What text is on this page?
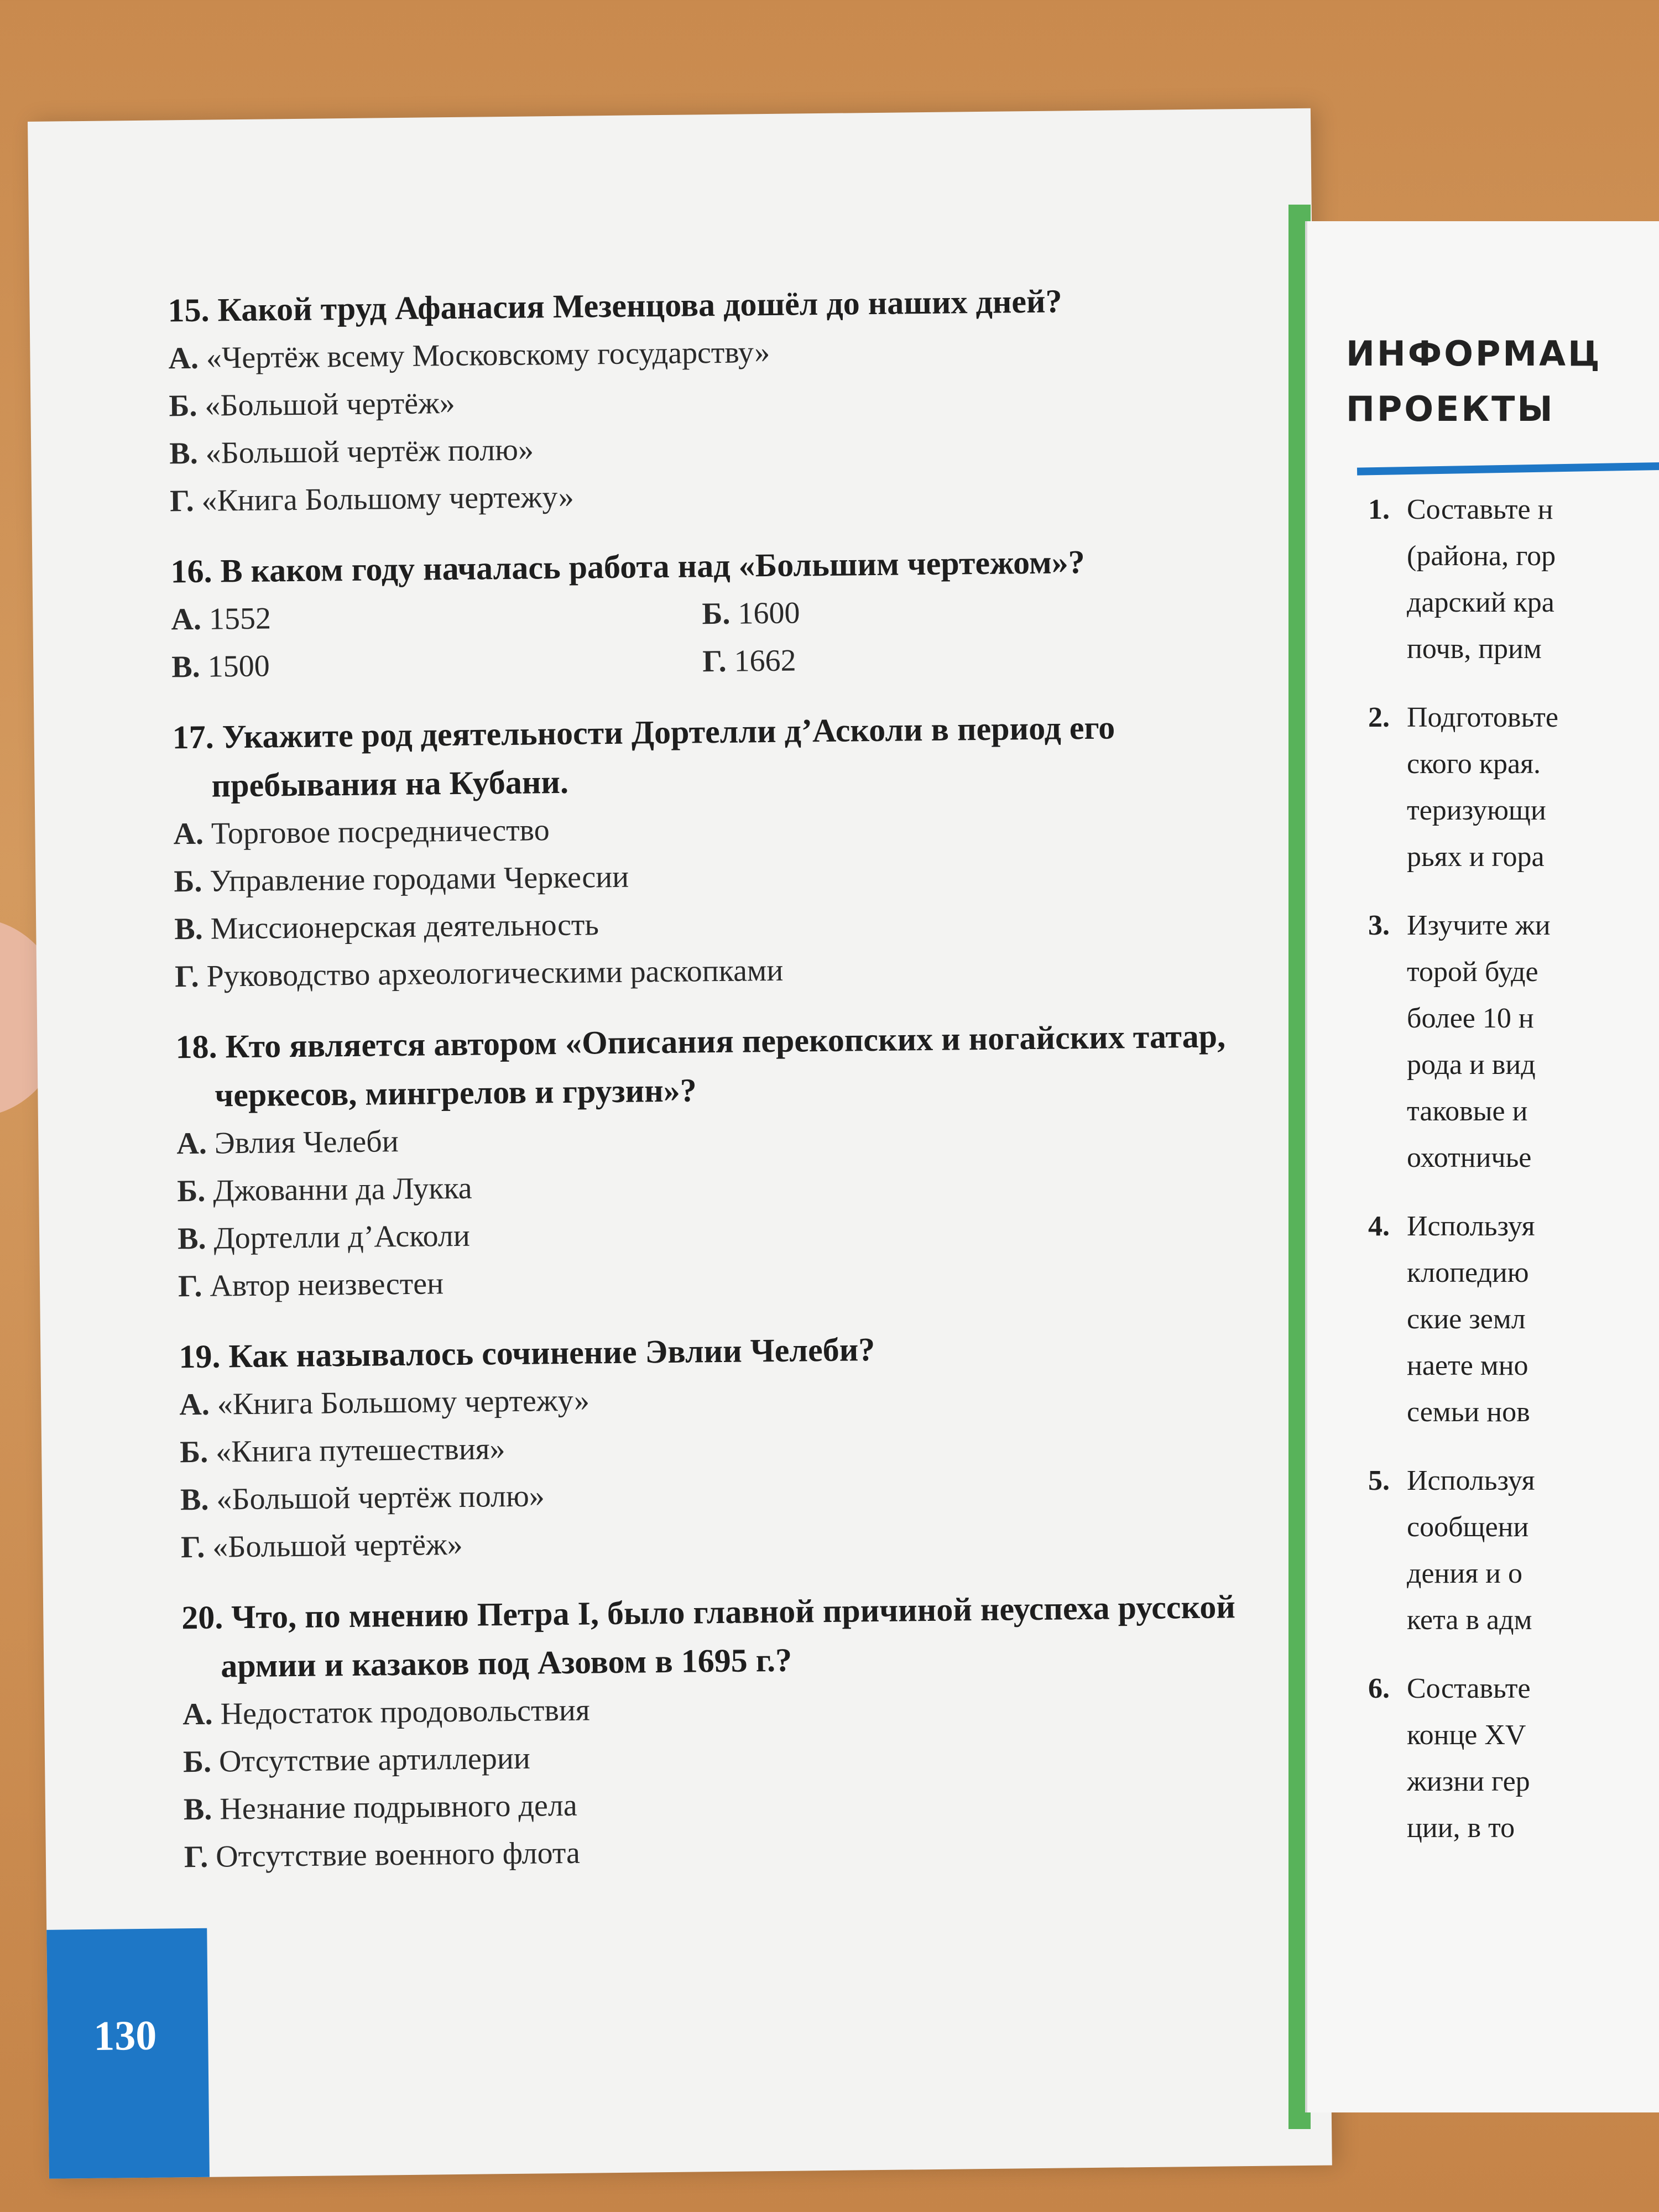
15. Какой труд Афанасия Мезенцова дошёл до наших дней?
А. «Чертёж всему Московскому государству»
Б. «Большой чертёж»
В. «Большой чертёж полю»
Г. «Книга Большому чертежу»
16. В каком году началась работа над «Большим чертежом»?
А. 1552	Б. 1600
В. 1500	Г. 1662
17. Укажите род деятельности Дортелли д’Асколи в период его пребывания на Кубани.
А. Торговое посредничество
Б. Управление городами Черкесии
В. Миссионерская деятельность
Г. Руководство археологическими раскопками
18. Кто является автором «Описания перекопских и ногайских татар, черкесов, мингрелов и грузин»?
А. Эвлия Челеби
Б. Джованни да Лукка
В. Дортелли д’Асколи
Г. Автор неизвестен
19. Как называлось сочинение Эвлии Челеби?
А. «Книга Большому чертежу»
Б. «Книга путешествия»
В. «Большой чертёж полю»
Г. «Большой чертёж»
20. Что, по мнению Петра I, было главной причиной неуспеха русской армии и казаков под Азовом в 1695 г.?
А. Недостаток продовольствия
Б. Отсутствие артиллерии
В. Незнание подрывного дела
Г. Отсутствие военного флота
130
ИНФОРМАЦ
ПРОЕКТЫ
1. Составьте н
(района, гор
дарский кра
почв, прим
2. Подготовьте
ского края.
теризующи
рьях и гора
3. Изучите жи
торой буде
более 10 н
рода и вид
таковые и
охотничье
4. Используя
клопедию
ские земл
наете мно
семьи нов
5. Используя
сообщени
дения и о
кета в адм
6. Составьте
конце XV
жизни гер
ции, в то
